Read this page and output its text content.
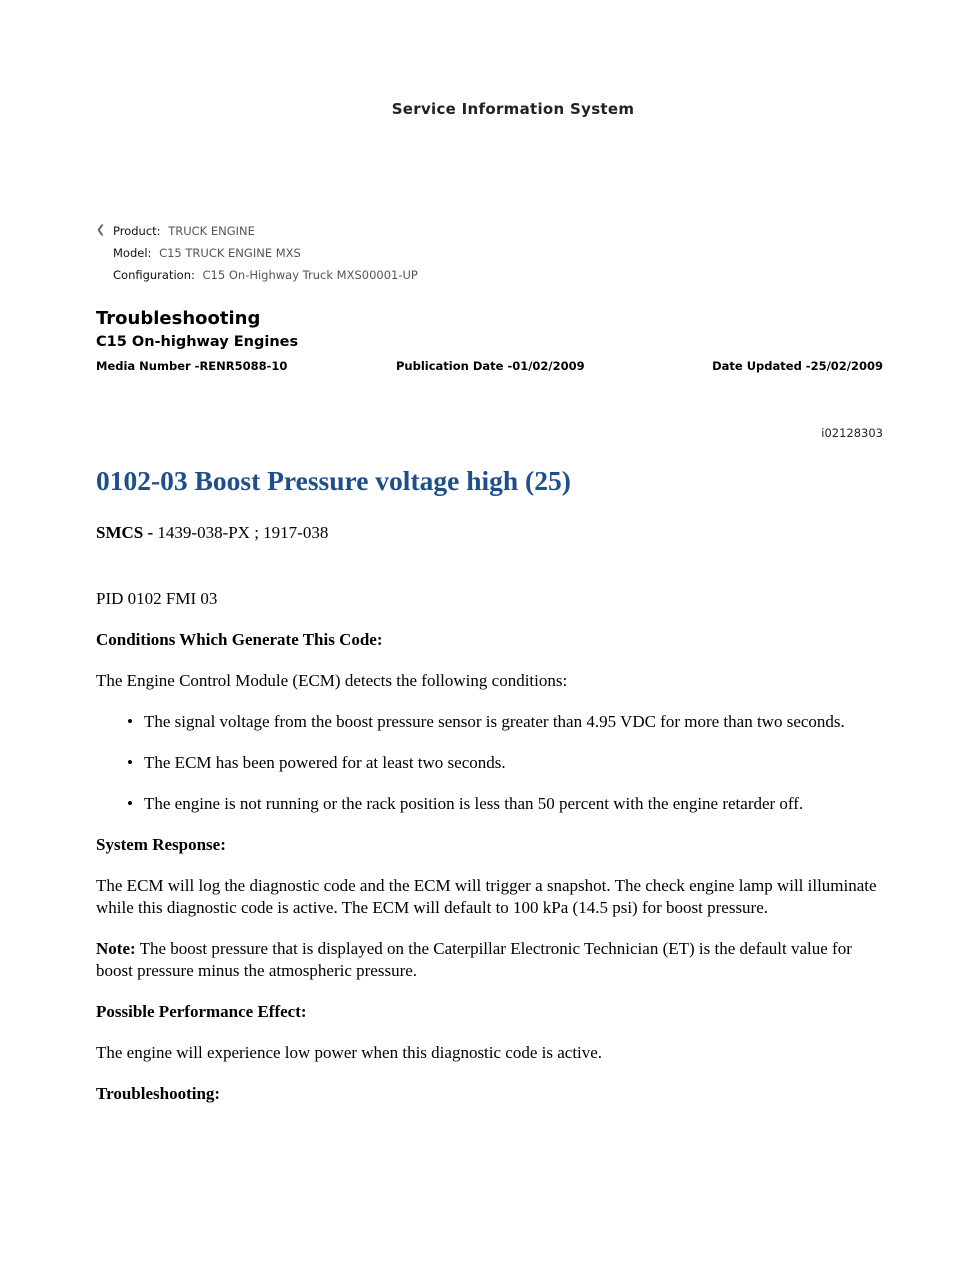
Service Information System
❮ Product: TRUCK ENGINE
Model: C15 TRUCK ENGINE MXS
Configuration: C15 On-Highway Truck MXS00001-UP
Troubleshooting
C15 On-highway Engines
Media Number -RENR5088-10	Publication Date -01/02/2009	Date Updated -25/02/2009
i02128303
0102-03 Boost Pressure voltage high (25)

SMCS - 1439-038-PX ; 1917-038

PID 0102 FMI 03

Conditions Which Generate This Code:

The Engine Control Module (ECM) detects the following conditions:

• The signal voltage from the boost pressure sensor is greater than 4.95 VDC for more than two seconds.
• The ECM has been powered for at least two seconds.
• The engine is not running or the rack position is less than 50 percent with the engine retarder off.

System Response:

The ECM will log the diagnostic code and the ECM will trigger a snapshot. The check engine lamp will illuminate while this diagnostic code is active. The ECM will default to 100 kPa (14.5 psi) for boost pressure.

Note: The boost pressure that is displayed on the Caterpillar Electronic Technician (ET) is the default value for boost pressure minus the atmospheric pressure.

Possible Performance Effect:

The engine will experience low power when this diagnostic code is active.

Troubleshooting:
